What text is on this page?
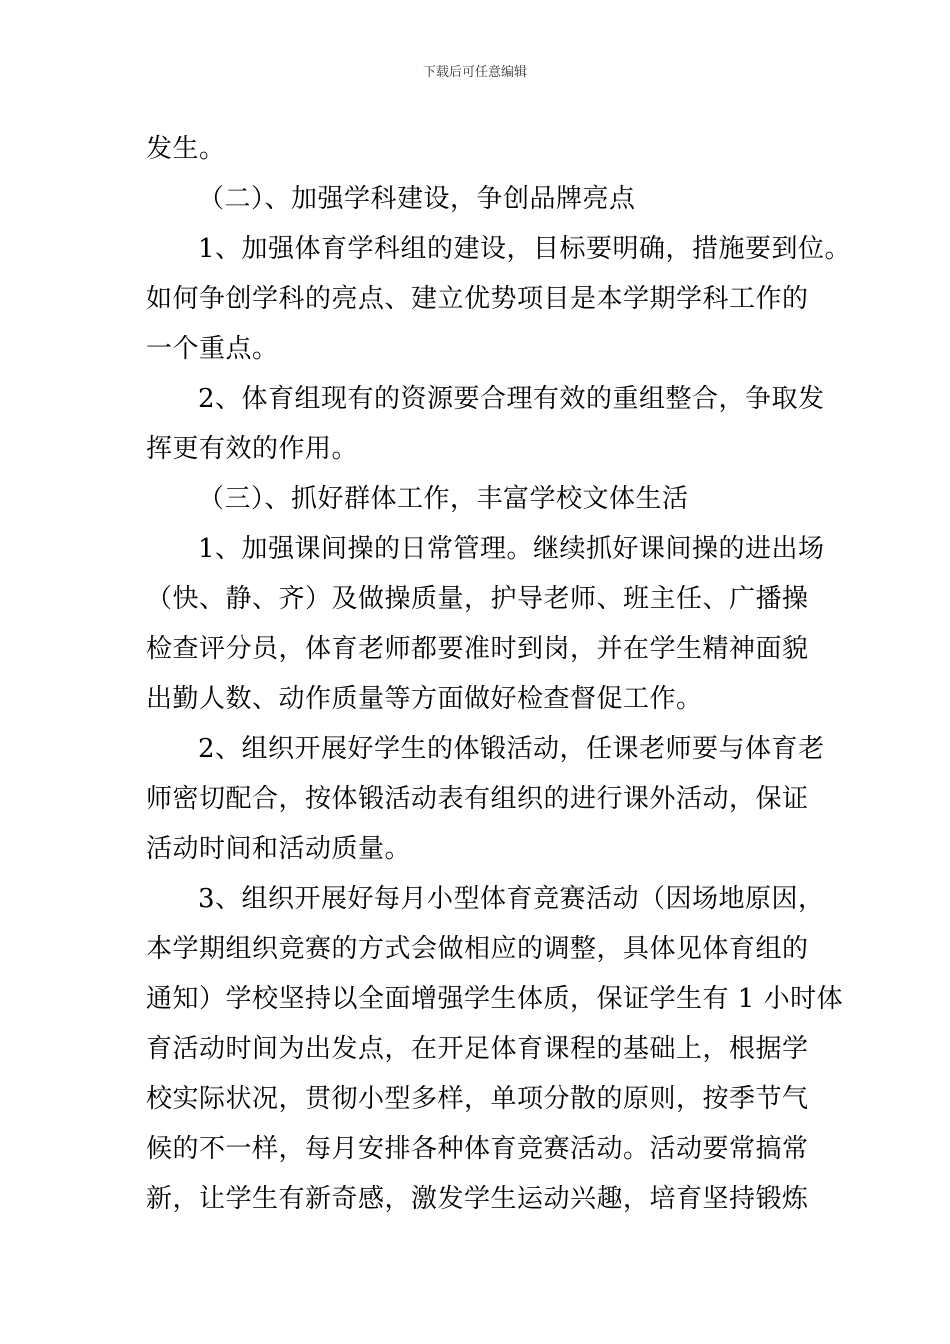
下载后可任意编辑
发生。
（二）、加强学科建设，争创品牌亮点
1、加强体育学科组的建设，目标要明确，措施要到位。
如何争创学科的亮点、建立优势项目是本学期学科工作的
一个重点。
2、体育组现有的资源要合理有效的重组整合，争取发
挥更有效的作用。
（三）、抓好群体工作，丰富学校文体生活
1、加强课间操的日常管理。继续抓好课间操的进出场
（快、静、齐）及做操质量，护导老师、班主任、广播操
检查评分员，体育老师都要准时到岗，并在学生精神面貌
出勤人数、动作质量等方面做好检查督促工作。
2、组织开展好学生的体锻活动，任课老师要与体育老
师密切配合，按体锻活动表有组织的进行课外活动，保证
活动时间和活动质量。
3、组织开展好每月小型体育竞赛活动（因场地原因，
本学期组织竞赛的方式会做相应的调整，具体见体育组的
通知）学校坚持以全面增强学生体质，保证学生有 1 小时体
育活动时间为出发点，在开足体育课程的基础上，根据学
校实际状况，贯彻小型多样，单项分散的原则，按季节气
候的不一样，每月安排各种体育竞赛活动。活动要常搞常
新，让学生有新奇感，激发学生运动兴趣，培育坚持锻炼
